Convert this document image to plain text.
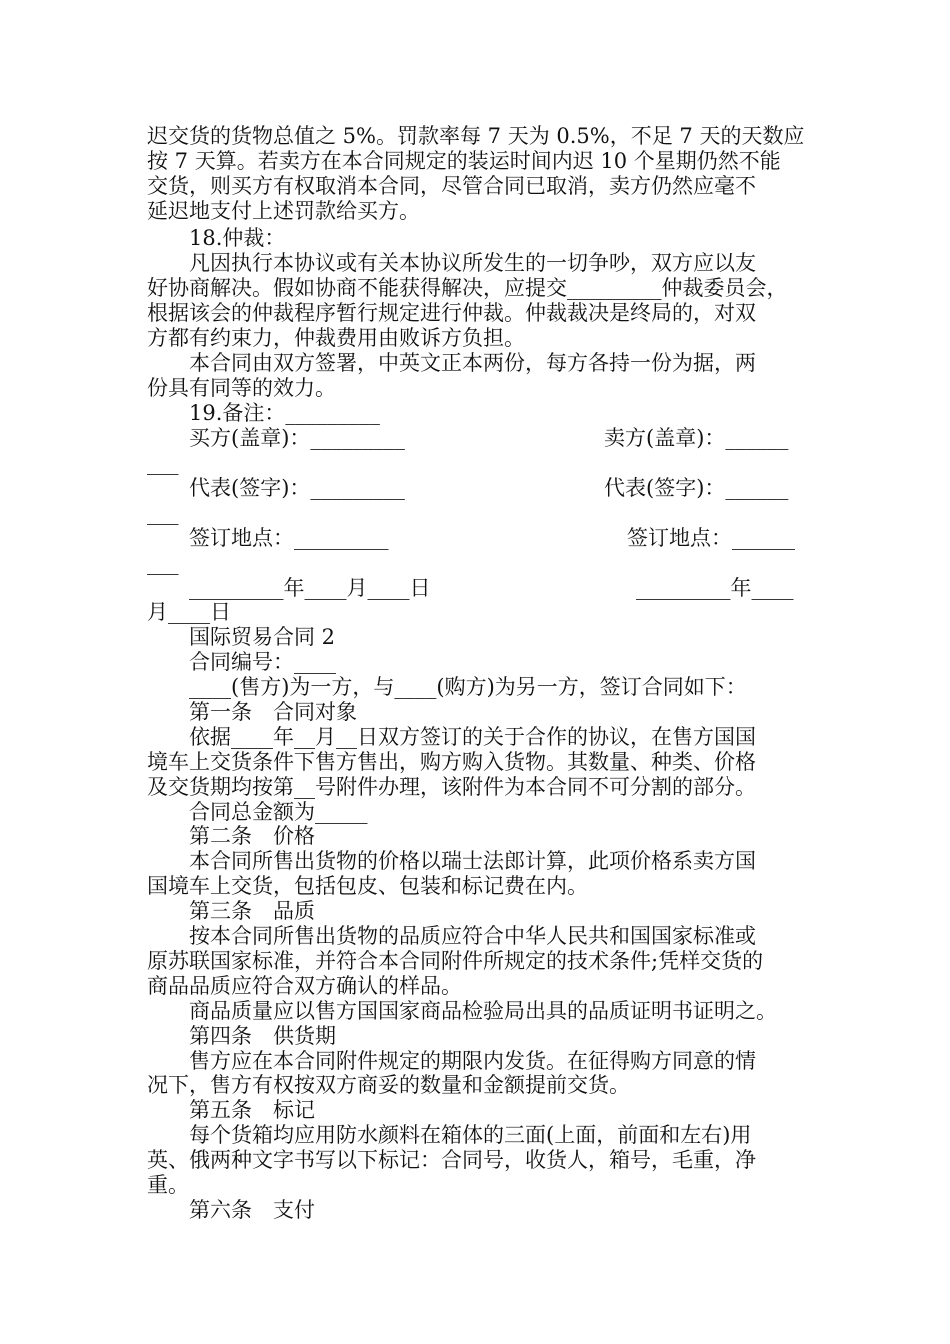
迟交货的货物总值之 5%。罚款率每 7 天为 0.5%，不足 7 天的天数应
按 7 天算。若卖方在本合同规定的装运时间内迟 10 个星期仍然不能
交货，则买方有权取消本合同，尽管合同已取消，卖方仍然应毫不
延迟地支付上述罚款给买方。
18.仲裁：
凡因执行本协议或有关本协议所发生的一切争吵，双方应以友
好协商解决。假如协商不能获得解决，应提交_________仲裁委员会，
根据该会的仲裁程序暂行规定进行仲裁。仲裁裁决是终局的，对双
方都有约束力，仲裁费用由败诉方负担。
本合同由双方签署，中英文正本两份，每方各持一份为据，两
份具有同等的效力。
19.备注：_________
买方(盖章)：_________	卖方(盖章)：______
___
代表(签字)：_________	代表(签字)：______
___
签订地点：_________	签订地点：______
___
_________年____月____日	_________年____
月____日
国际贸易合同 2
合同编号：____
____(售方)为一方，与____(购方)为另一方，签订合同如下：
第一条　合同对象
依据____年__月__日双方签订的关于合作的协议，在售方国国
境车上交货条件下售方售出，购方购入货物。其数量、种类、价格
及交货期均按第__号附件办理，该附件为本合同不可分割的部分。
合同总金额为_____
第二条　价格
本合同所售出货物的价格以瑞士法郎计算，此项价格系卖方国
国境车上交货，包括包皮、包装和标记费在内。
第三条　品质
按本合同所售出货物的品质应符合中华人民共和国国家标准或
原苏联国家标准，并符合本合同附件所规定的技术条件;凭样交货的
商品品质应符合双方确认的样品。
商品质量应以售方国国家商品检验局出具的品质证明书证明之。
第四条　供货期
售方应在本合同附件规定的期限内发货。在征得购方同意的情
况下，售方有权按双方商妥的数量和金额提前交货。
第五条　标记
每个货箱均应用防水颜料在箱体的三面(上面，前面和左右)用
英、俄两种文字书写以下标记：合同号，收货人，箱号，毛重，净
重。
第六条　支付
